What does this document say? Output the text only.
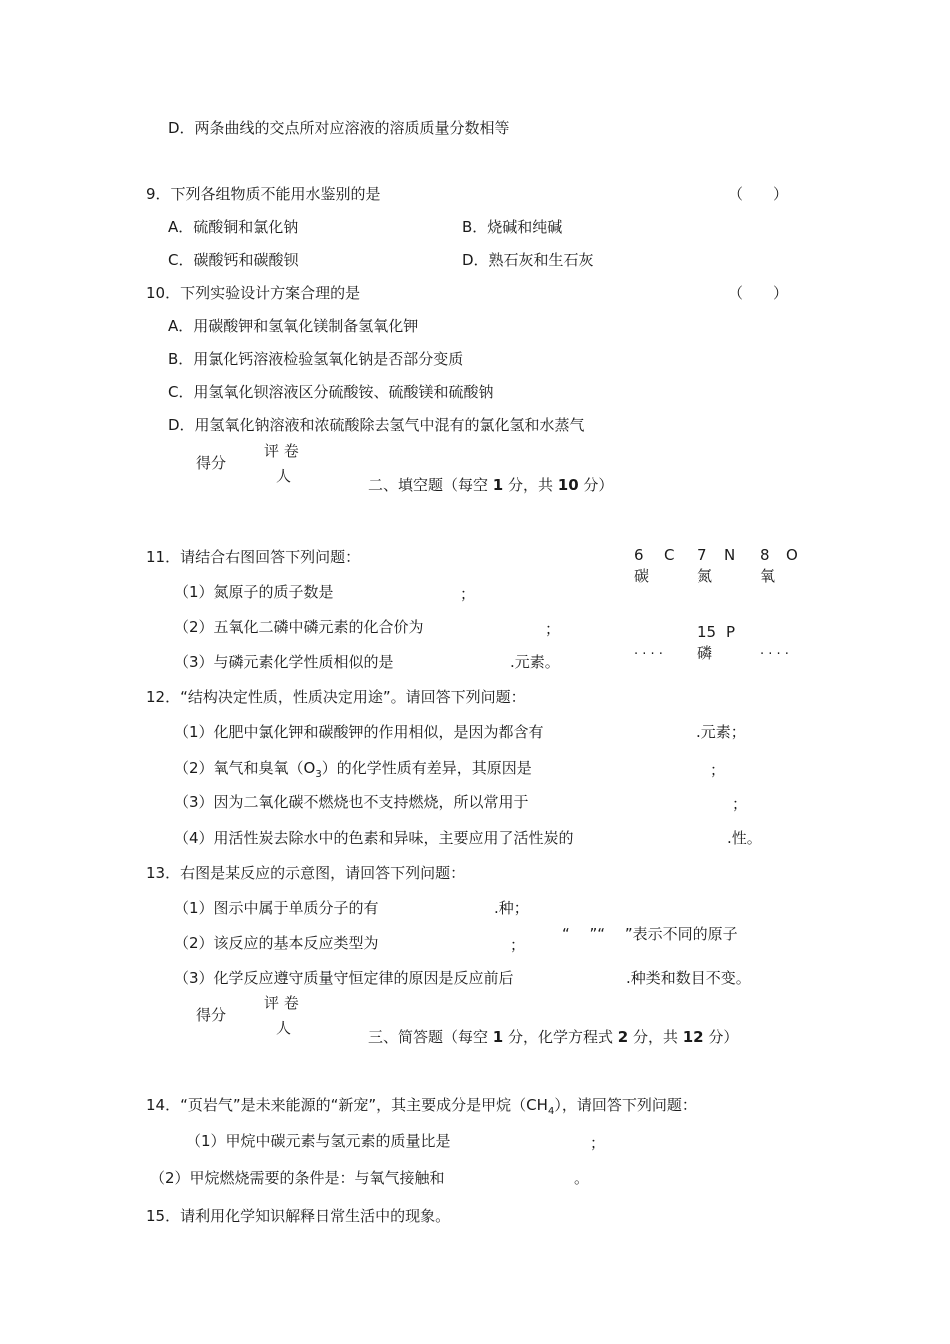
D．两条曲线的交点所对应溶液的溶质质量分数相等
9．下列各组物质不能用水鉴别的是	（　　）
A．硫酸铜和氯化钠	B．烧碱和纯碱
C．碳酸钙和碳酸钡	D．熟石灰和生石灰
10．下列实验设计方案合理的是	（　　）
A．用碳酸钾和氢氧化镁制备氢氧化钾
B．用氯化钙溶液检验氢氧化钠是否部分变质
C．用氢氧化钡溶液区分硫酸铵、硫酸镁和硫酸钠
D．用氢氧化钠溶液和浓硫酸除去氢气中混有的氯化氢和水蒸气
得分
评 卷
人	二、填空题（每空 1 分，共 10 分）
11．请结合右图回答下列问题：
（1）氮原子的质子数是	；
（2）五氧化二磷中磷元素的化合价为	；
（3）与磷元素化学性质相似的是	.元素。
6 C
碳
7 N
氮
8 O
氧
15 P
磷
· · · ·	· · · ·
12．“结构决定性质，性质决定用途”。请回答下列问题：
（1）化肥中氯化钾和碳酸钾的作用相似，是因为都含有	.元素；
（2）氧气和臭氧$(O_3)$的化学性质有差异，其原因是	；
（3）因为二氧化碳不燃烧也不支持燃烧，所以常用于	；
（4）用活性炭去除水中的色素和异味，主要应用了活性炭的	.性。
13．右图是某反应的示意图，请回答下列问题：
（1）图示中属于单质分子的有	.种；
（2）该反应的基本反应类型为	；
“　 ”“　 ”表示不同的原子
（3）化学反应遵守质量守恒定律的原因是反应前后	.种类和数目不变。
得分
评 卷
人	三、简答题（每空 1 分，化学方程式 2 分，共 12 分）
14．“页岩气”是未来能源的“新宠”，其主要成分是甲烷$(CH_4)$，请回答下列问题：
（1）甲烷中碳元素与氢元素的质量比是	；
（2）甲烷燃烧需要的条件是：与氧气接触和	。
15．请利用化学知识解释日常生活中的现象。
